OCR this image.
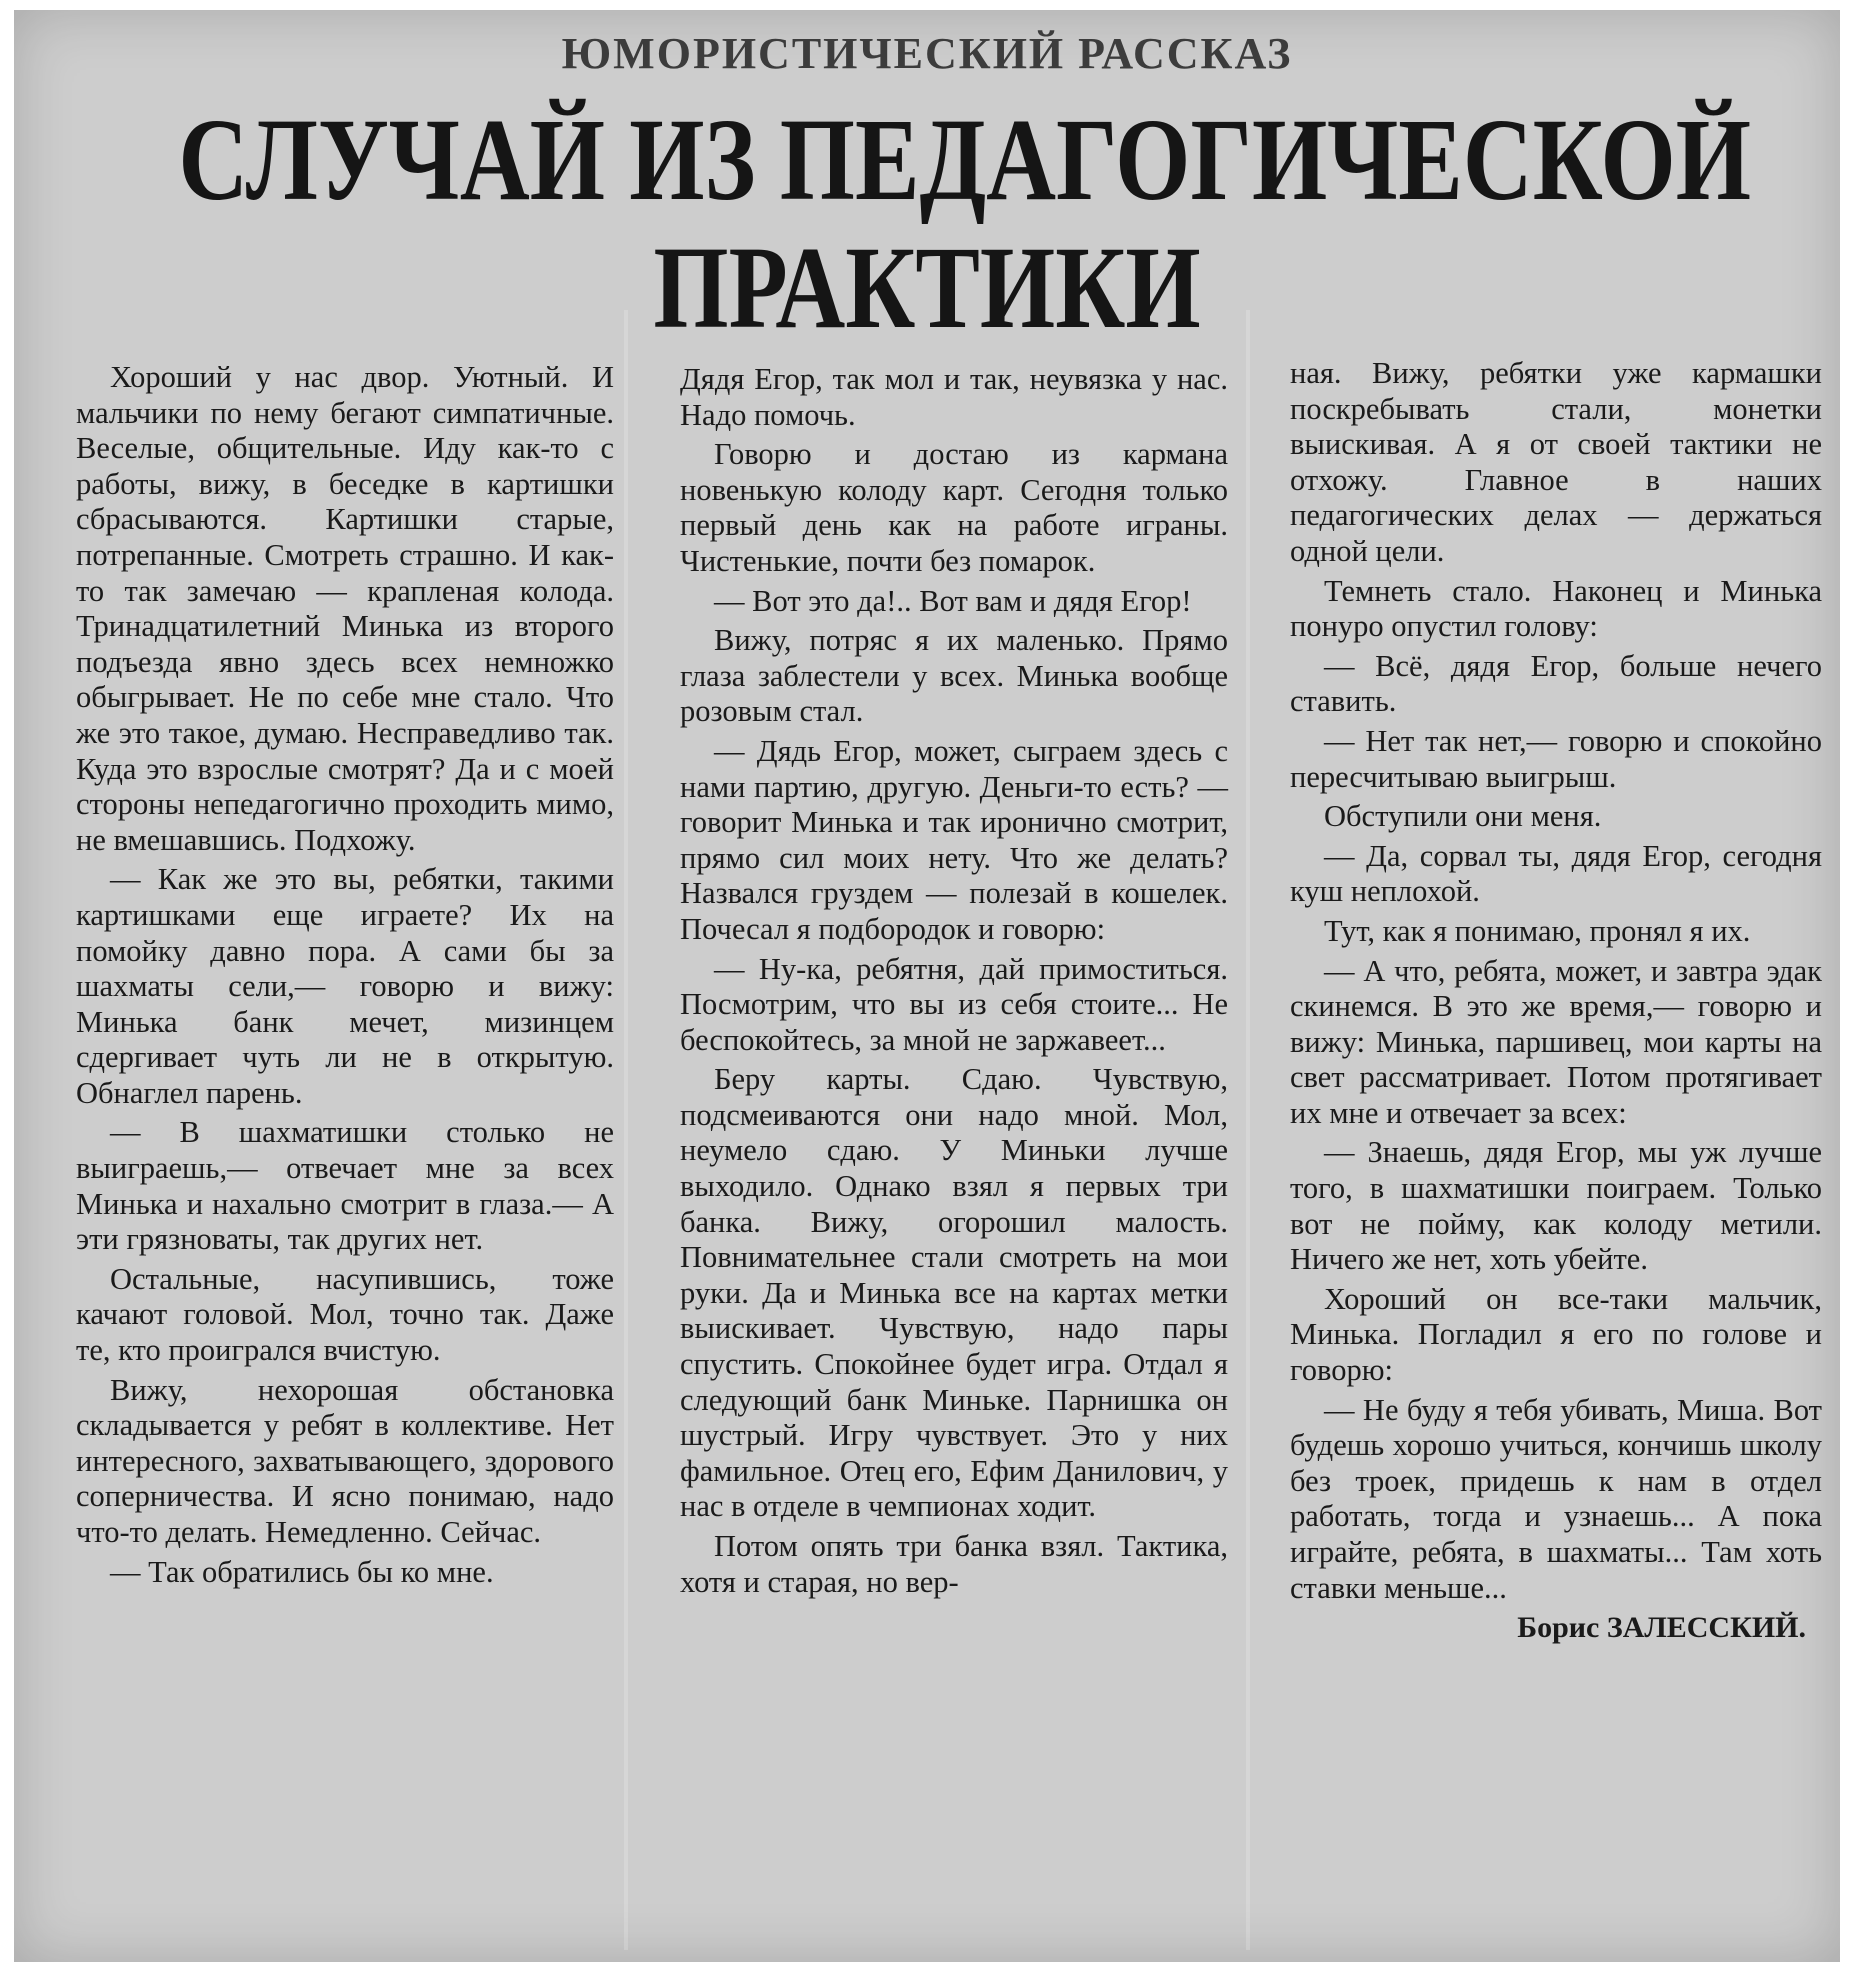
ЮМОРИСТИЧЕСКИЙ РАССКАЗ
СЛУЧАЙ ИЗ ПЕДАГОГИЧЕСКОЙ
ПРАКТИКИ

Хороший у нас двор. Уютный. И мальчики по нему бегают симпатичные. Веселые, общительные. Иду как-то с работы, вижу, в беседке в картишки сбрасываются. Картишки старые, потрепанные. Смотреть страшно. И как-то так замечаю — крапленая колода. Тринадцатилетний Минька из второго подъезда явно здесь всех немножко обыгрывает. Не по себе мне стало. Что же это такое, думаю. Несправедливо так. Куда это взрослые смотрят? Да и с моей стороны непедагогично проходить мимо, не вмешавшись. Подхожу.

— Как же это вы, ребятки, такими картишками еще играете? Их на помойку давно пора. А сами бы за шахматы сели,— говорю и вижу: Минька банк мечет, мизинцем сдергивает чуть ли не в открытую. Обнаглел парень.

— В шахматишки столько не выиграешь,— отвечает мне за всех Минька и нахально смотрит в глаза.— А эти грязноваты, так других нет.

Остальные, насупившись, тоже качают головой. Мол, точно так. Даже те, кто проигрался вчистую.

Вижу, нехорошая обстановка складывается у ребят в коллективе. Нет интересного, захватывающего, здорового соперничества. И ясно понимаю, надо что-то делать. Немедленно. Сейчас.

— Так обратились бы ко мне.

Дядя Егор, так мол и так, неувязка у нас. Надо помочь.

Говорю и достаю из кармана новенькую колоду карт. Сегодня только первый день как на работе играны. Чистенькие, почти без помарок.

— Вот это да!.. Вот вам и дядя Егор!

Вижу, потряс я их маленько. Прямо глаза заблестели у всех. Минька вообще розовым стал.

— Дядь Егор, может, сыграем здесь с нами партию, другую. Деньги-то есть? — говорит Минька и так иронично смотрит, прямо сил моих нету. Что же делать? Назвался груздем — полезай в кошелек. Почесал я подбородок и говорю:

— Ну-ка, ребятня, дай примоститься. Посмотрим, что вы из себя стоите... Не беспокойтесь, за мной не заржавеет...

Беру карты. Сдаю. Чувствую, подсмеиваются они надо мной. Мол, неумело сдаю. У Миньки лучше выходило. Однако взял я первых три банка. Вижу, огорошил малость. Повнимательнее стали смотреть на мои руки. Да и Минька все на картах метки выискивает. Чувствую, надо пары спустить. Спокойнее будет игра. Отдал я следующий банк Миньке. Парнишка он шустрый. Игру чувствует. Это у них фамильное. Отец его, Ефим Данилович, у нас в отделе в чемпионах ходит.

Потом опять три банка взял. Тактика, хотя и старая, но вер-

ная. Вижу, ребятки уже кармашки поскребывать стали, монетки выискивая. А я от своей тактики не отхожу. Главное в наших педагогических делах — держаться одной цели.

Темнеть стало. Наконец и Минька понуро опустил голову:

— Всё, дядя Егор, больше нечего ставить.

— Нет так нет,— говорю и спокойно пересчитываю выигрыш.

Обступили они меня.

— Да, сорвал ты, дядя Егор, сегодня куш неплохой.

Тут, как я понимаю, пронял я их.

— А что, ребята, может, и завтра эдак скинемся. В это же время,— говорю и вижу: Минька, паршивец, мои карты на свет рассматривает. Потом протягивает их мне и отвечает за всех:

— Знаешь, дядя Егор, мы уж лучше того, в шахматишки поиграем. Только вот не пойму, как колоду метили. Ничего же нет, хоть убейте.

Хороший он все-таки мальчик, Минька. Погладил я его по голове и говорю:

— Не буду я тебя убивать, Миша. Вот будешь хорошо учиться, кончишь школу без троек, придешь к нам в отдел работать, тогда и узнаешь... А пока играйте, ребята, в шахматы... Там хоть ставки меньше...

Борис ЗАЛЕССКИЙ.
